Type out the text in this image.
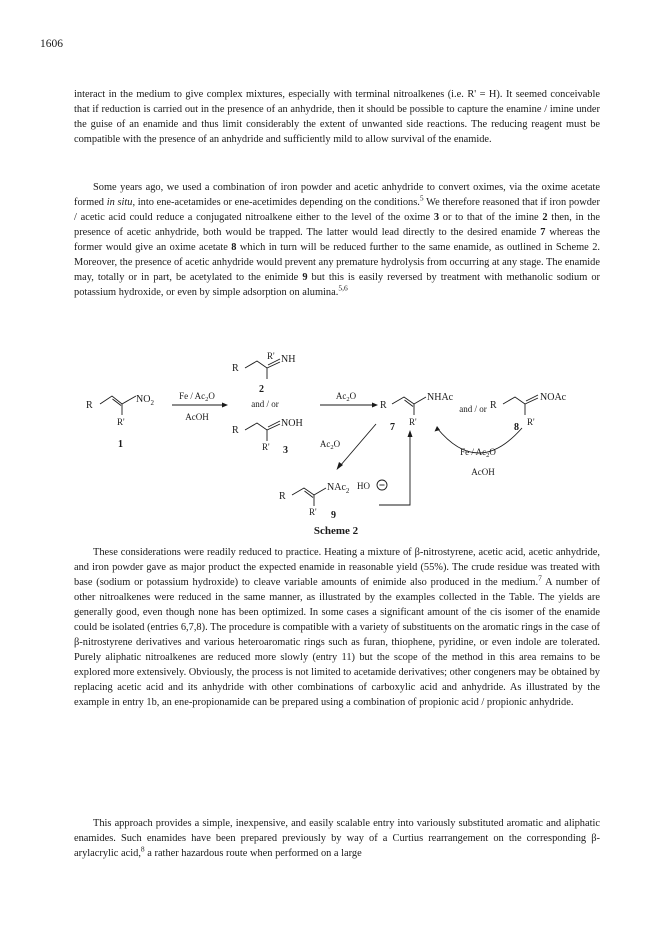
1606

interact in the medium to give complex mixtures, especially with terminal nitroalkenes (i.e. R' = H). It seemed conceivable that if reduction is carried out in the presence of an anhydride, then it should be possible to capture the enamine / imine under the guise of an enamide and thus limit considerably the extent of unwanted side reactions. The reducing reagent must be compatible with the presence of an anhydride and sufficiently mild to allow survival of the enamide.

Some years ago, we used a combination of iron powder and acetic anhydride to convert oximes, via the oxime acetate formed in situ, into ene-acetamides or ene-acetimides depending on the conditions.$^5$ We therefore reasoned that if iron powder / acetic acid could reduce a conjugated nitroalkene either to the level of the oxime 3 or to that of the imine 2 then, in the presence of acetic anhydride, both would be trapped. The latter would lead directly to the desired enamide 7 whereas the former would give an oxime acetate 8 which in turn will be reduced further to the same enamide, as outlined in Scheme 2. Moreover, the presence of acetic anhydride would prevent any premature hydrolysis from occurring at any stage. The enamide may, totally or in part, be acetylated to the enimide 9 but this is easily reversed by treatment with methanolic sodium or potassium hydroxide, or even by simple adsorption on alumina.$^{5,6}$

R
$NO_2$
R'
1
Fe / $Ac_2O$
AcOH
R
NH
R'
2
and / or
R
NOH
R' 3
$Ac_2O$
R
NHAc
R'
7
and / or R
NOAc
R'
8
Fe / $Ac_2O$
AcOH
$Ac_2O$
R
NAc$_2$
R' 9
HO
Scheme 2

These considerations were readily reduced to practice. Heating a mixture of β-nitrostyrene, acetic acid, acetic anhydride, and iron powder gave as major product the expected enamide in reasonable yield (55%). The crude residue was treated with base (sodium or potassium hydroxide) to cleave variable amounts of enimide also produced in the medium.$^7$ A number of other nitroalkenes were reduced in the same manner, as illustrated by the examples collected in the Table. The yields are generally good, even though none has been optimized. In some cases a significant amount of the cis isomer of the enamide could be isolated (entries 6,7,8). The procedure is compatible with a variety of substituents on the aromatic rings in the case of β-nitrostyrene derivatives and various heteroaromatic rings such as furan, thiophene, pyridine, or even indole are tolerated. Purely aliphatic nitroalkenes are reduced more slowly (entry 11) but the scope of the method in this area remains to be explored more extensively. Obviously, the process is not limited to acetamide derivatives; other congeners may be obtained by replacing acetic acid and its anhydride with other combinations of carboxylic acid and anhydride. As illustrated by the example in entry 1b, an ene-propionamide can be prepared using a combination of propionic acid / propionic anhydride.

This approach provides a simple, inexpensive, and easily scalable entry into variously substituted aromatic and aliphatic enamides. Such enamides have been prepared previously by way of a Curtius rearrangement on the corresponding β-arylacrylic acid,$^8$ a rather hazardous route when performed on a large
